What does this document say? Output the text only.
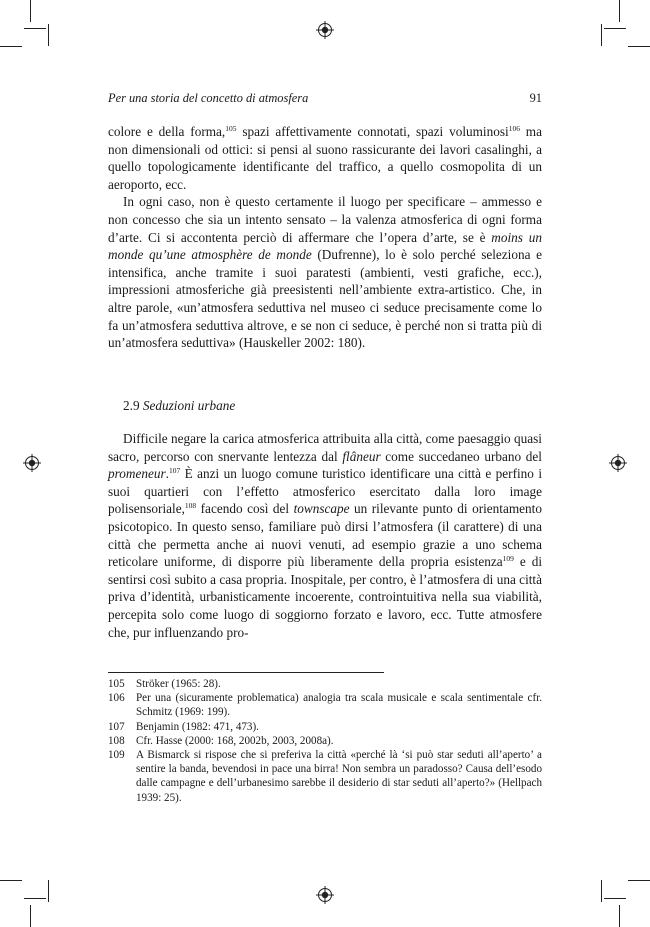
Per una storia del concetto di atmosfera	91

colore e della forma,$^{105}$ spazi affettivamente connotati, spazi voluminosi$^{106}$ ma non dimensionali od ottici: si pensi al suono rassicurante dei lavori casalinghi, a quello topologicamente identificante del traffico, a quello cosmopolita di un aeroporto, ecc.

In ogni caso, non è questo certamente il luogo per specificare – ammesso e non concesso che sia un intento sensato – la valenza atmosferica di ogni forma d’arte. Ci si accontenta perciò di affermare che l’opera d’arte, se è moins un monde qu’une atmosphère de monde (Dufrenne), lo è solo perché seleziona e intensifica, anche tramite i suoi paratesti (ambienti, vesti grafiche, ecc.), impressioni atmosferiche già preesistenti nell’ambiente extra-artistico. Che, in altre parole, «un’atmosfera seduttiva nel museo ci seduce precisamente come lo fa un’atmosfera seduttiva altrove, e se non ci seduce, è perché non si tratta più di un’atmosfera seduttiva» (Hauskeller 2002: 180).

2.9 Seduzioni urbane

Difficile negare la carica atmosferica attribuita alla città, come paesaggio quasi sacro, percorso con snervante lentezza dal flâneur come succedaneo urbano del promeneur.$^{107}$ È anzi un luogo comune turistico identificare una città e perfino i suoi quartieri con l’effetto atmosferico esercitato dalla loro image polisensoriale,$^{108}$ facendo così del townscape un rilevante punto di orientamento psicotopico. In questo senso, familiare può dirsi l’atmosfera (il carattere) di una città che permetta anche ai nuovi venuti, ad esempio grazie a uno schema reticolare uniforme, di disporre più liberamente della propria esistenza$^{109}$ e di sentirsi così subito a casa propria. Inospitale, per contro, è l’atmosfera di una città priva d’identità, urbanisticamente incoerente, controintuitiva nella sua viabilità, percepita solo come luogo di soggiorno forzato e lavoro, ecc. Tutte atmosfere che, pur influenzando pro-

105	Ströker (1965: 28).
106	Per una (sicuramente problematica) analogia tra scala musicale e scala sentimentale cfr. Schmitz (1969: 199).
107	Benjamin (1982: 471, 473).
108	Cfr. Hasse (2000: 168, 2002b, 2003, 2008a).
109	A Bismarck si rispose che si preferiva la città «perché là ‘si può star seduti all’aperto’ a sentire la banda, bevendosi in pace una birra! Non sembra un paradosso? Causa dell’esodo dalle campagne e dell’urbanesimo sarebbe il desiderio di star seduti all’aperto?» (Hellpach 1939: 25).
